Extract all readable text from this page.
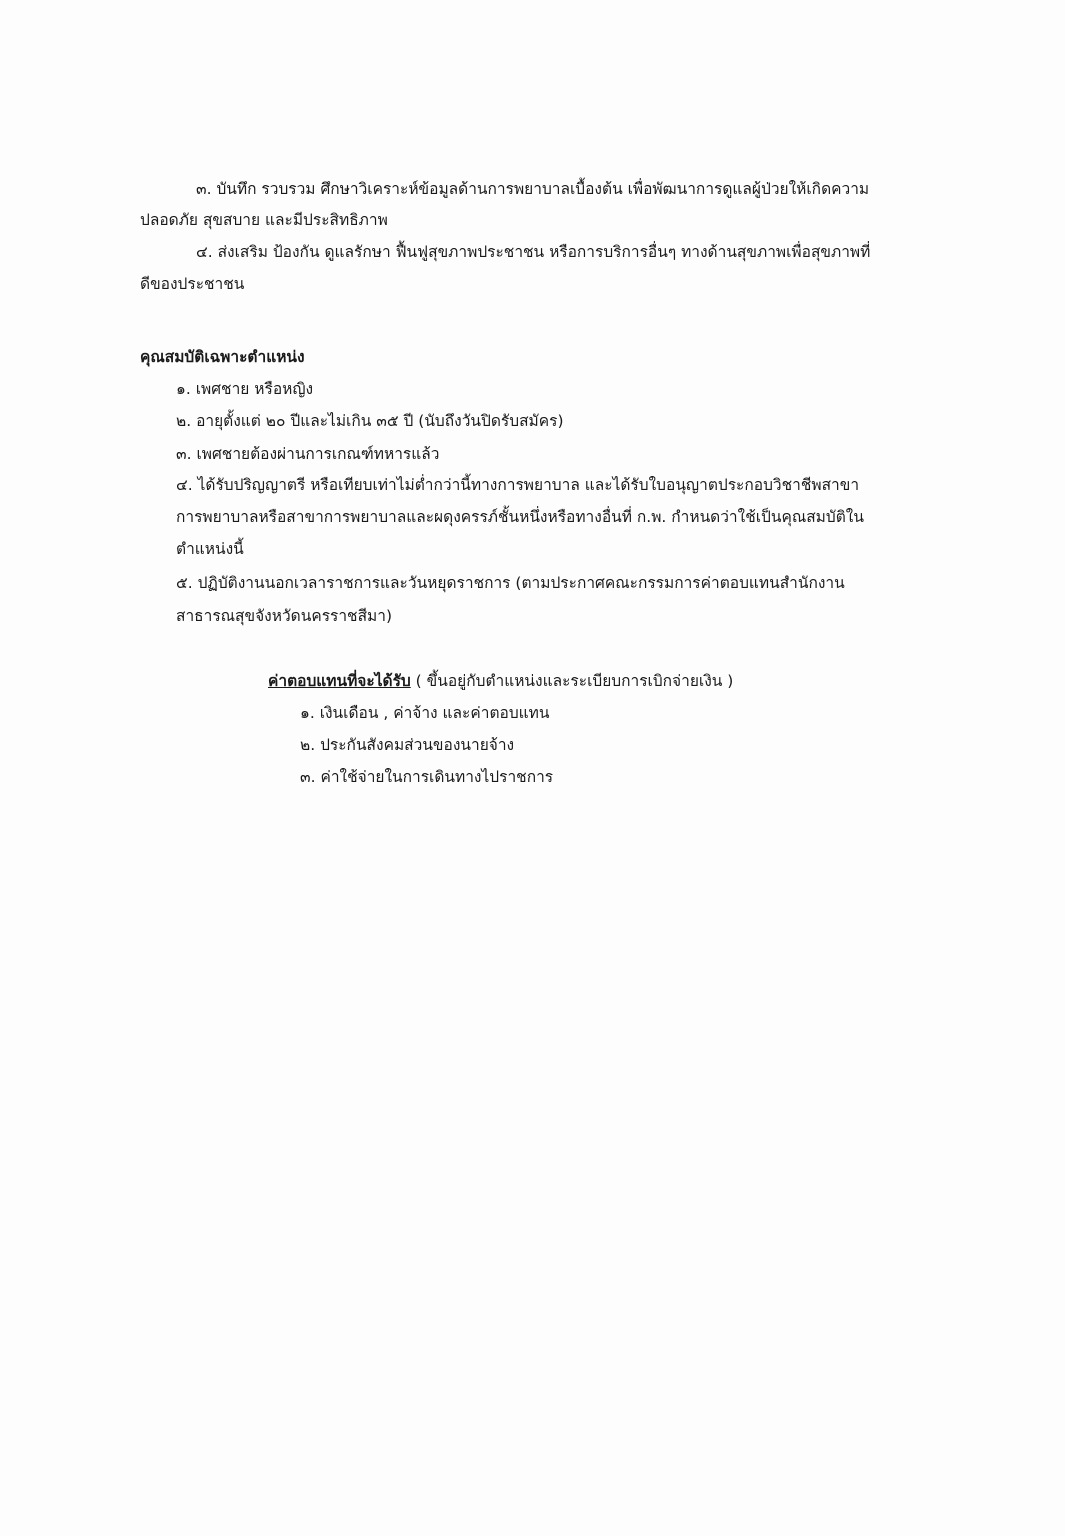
๓. บันทึก รวบรวม ศึกษาวิเคราะห์ข้อมูลด้านการพยาบาลเบื้องต้น เพื่อพัฒนาการดูแลผู้ป่วยให้เกิดความ
ปลอดภัย สุขสบาย และมีประสิทธิภาพ
๔. ส่งเสริม ป้องกัน ดูแลรักษา ฟื้นฟูสุขภาพประชาชน หรือการบริการอื่นๆ ทางด้านสุขภาพเพื่อสุขภาพที่
ดีของประชาชน
คุณสมบัติเฉพาะตำแหน่ง
๑. เพศชาย หรือหญิง
๒. อายุตั้งแต่ ๒๐ ปีและไม่เกิน ๓๕ ปี (นับถึงวันปิดรับสมัคร)
๓. เพศชายต้องผ่านการเกณฑ์ทหารแล้ว
๔. ได้รับปริญญาตรี หรือเทียบเท่าไม่ต่ำกว่านี้ทางการพยาบาล และได้รับใบอนุญาตประกอบวิชาชีพสาขา
การพยาบาลหรือสาขาการพยาบาลและผดุงครรภ์ชั้นหนึ่งหรือทางอื่นที่ ก.พ. กำหนดว่าใช้เป็นคุณสมบัติใน
ตำแหน่งนี้
๕. ปฏิบัติงานนอกเวลาราชการและวันหยุดราชการ (ตามประกาศคณะกรรมการค่าตอบแทนสำนักงาน
สาธารณสุขจังหวัดนครราชสีมา)
ค่าตอบแทนที่จะได้รับ ( ขึ้นอยู่กับตำแหน่งและระเบียบการเบิกจ่ายเงิน )
๑. เงินเดือน , ค่าจ้าง และค่าตอบแทน
๒. ประกันสังคมส่วนของนายจ้าง
๓. ค่าใช้จ่ายในการเดินทางไปราชการ
